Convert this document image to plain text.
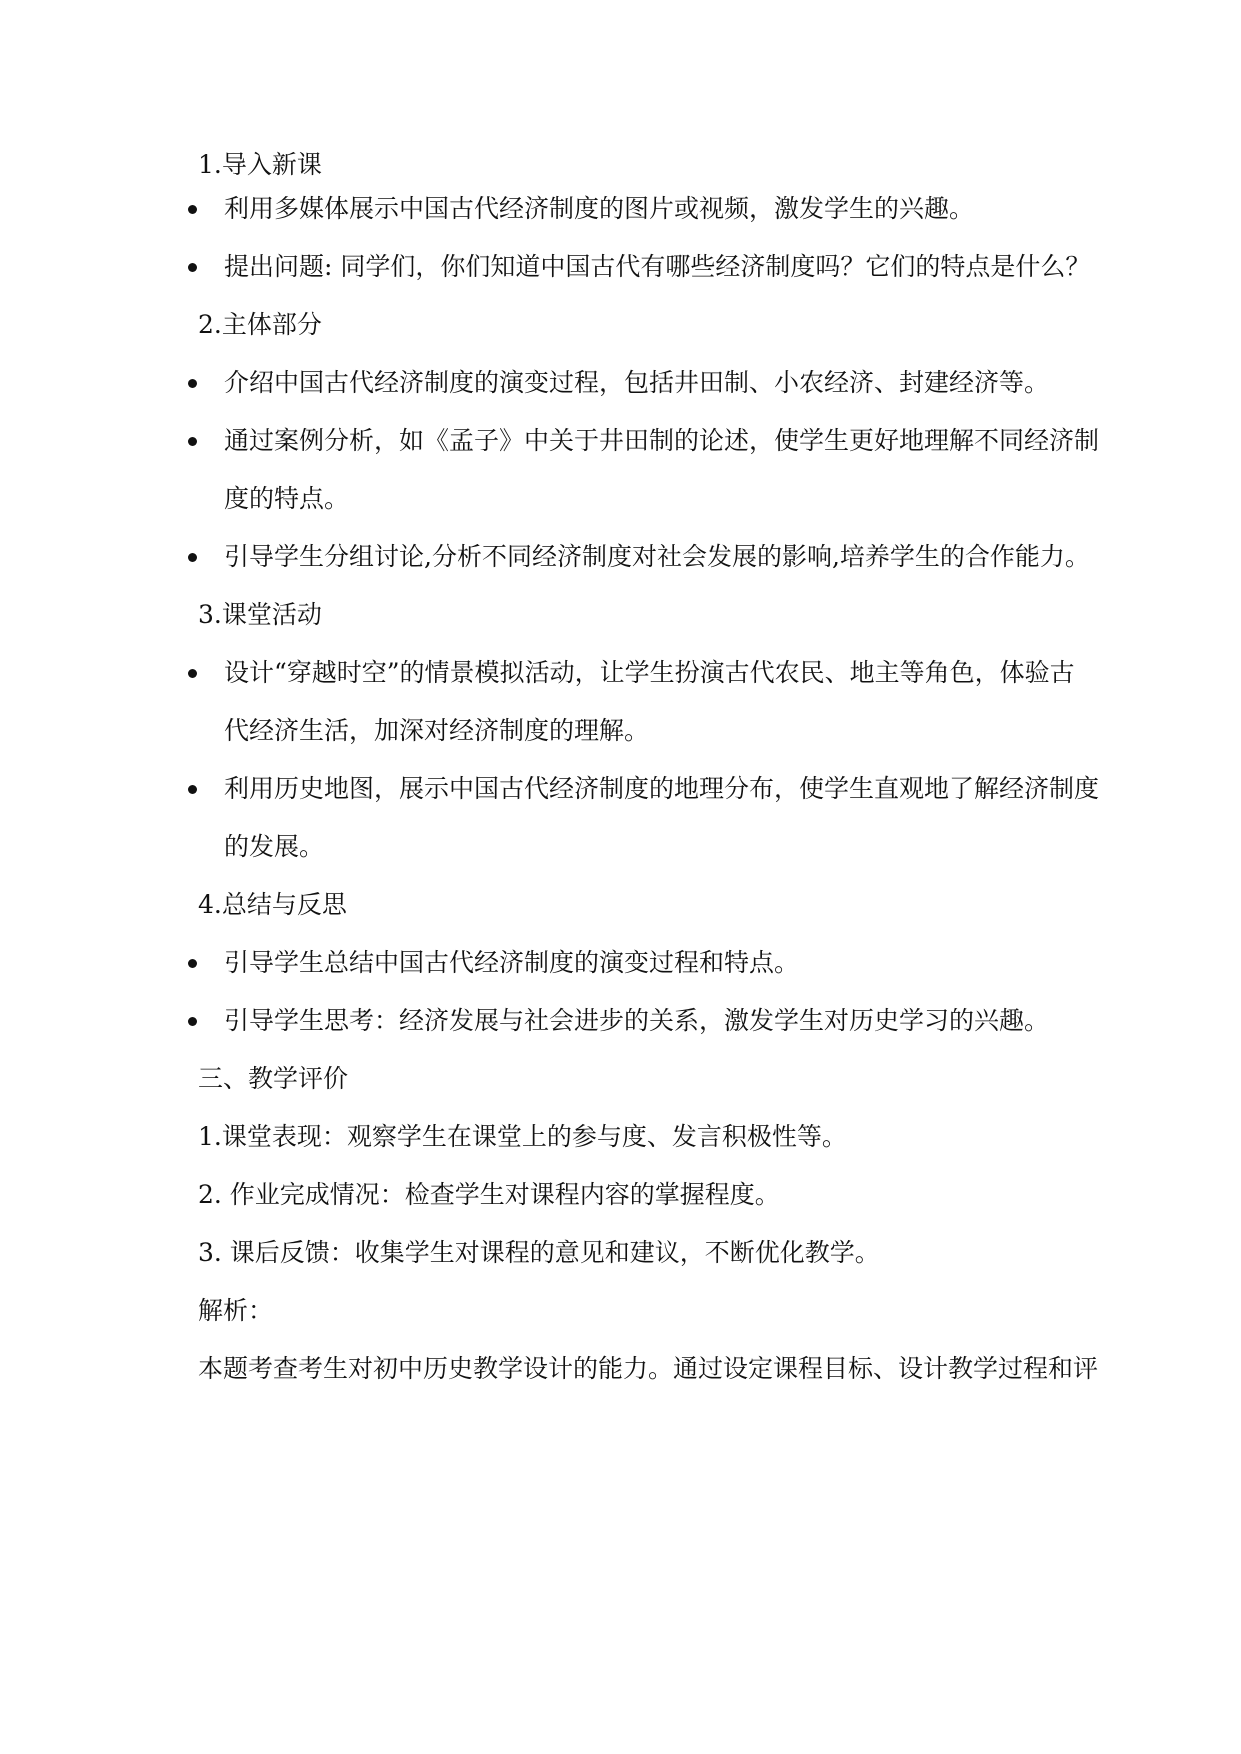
1.导入新课
利用多媒体展示中国古代经济制度的图片或视频，激发学生的兴趣。
提出问题: 同学们，你们知道中国古代有哪些经济制度吗？它们的特点是什么？
2.主体部分
介绍中国古代经济制度的演变过程，包括井田制、小农经济、封建经济等。
通过案例分析，如《孟子》中关于井田制的论述，使学生更好地理解不同经济制
度的特点。
引导学生分组讨论,分析不同经济制度对社会发展的影响,培养学生的合作能力。
3.课堂活动
设计“穿越时空”的情景模拟活动，让学生扮演古代农民、地主等角色，体验古
代经济生活，加深对经济制度的理解。
利用历史地图，展示中国古代经济制度的地理分布，使学生直观地了解经济制度
的发展。
4.总结与反思
引导学生总结中国古代经济制度的演变过程和特点。
引导学生思考：经济发展与社会进步的关系，激发学生对历史学习的兴趣。
三、教学评价
1.课堂表现：观察学生在课堂上的参与度、发言积极性等。
2. 作业完成情况：检查学生对课程内容的掌握程度。
3. 课后反馈：收集学生对课程的意见和建议，不断优化教学。
解析：
本题考查考生对初中历史教学设计的能力。通过设定课程目标、设计教学过程和评
